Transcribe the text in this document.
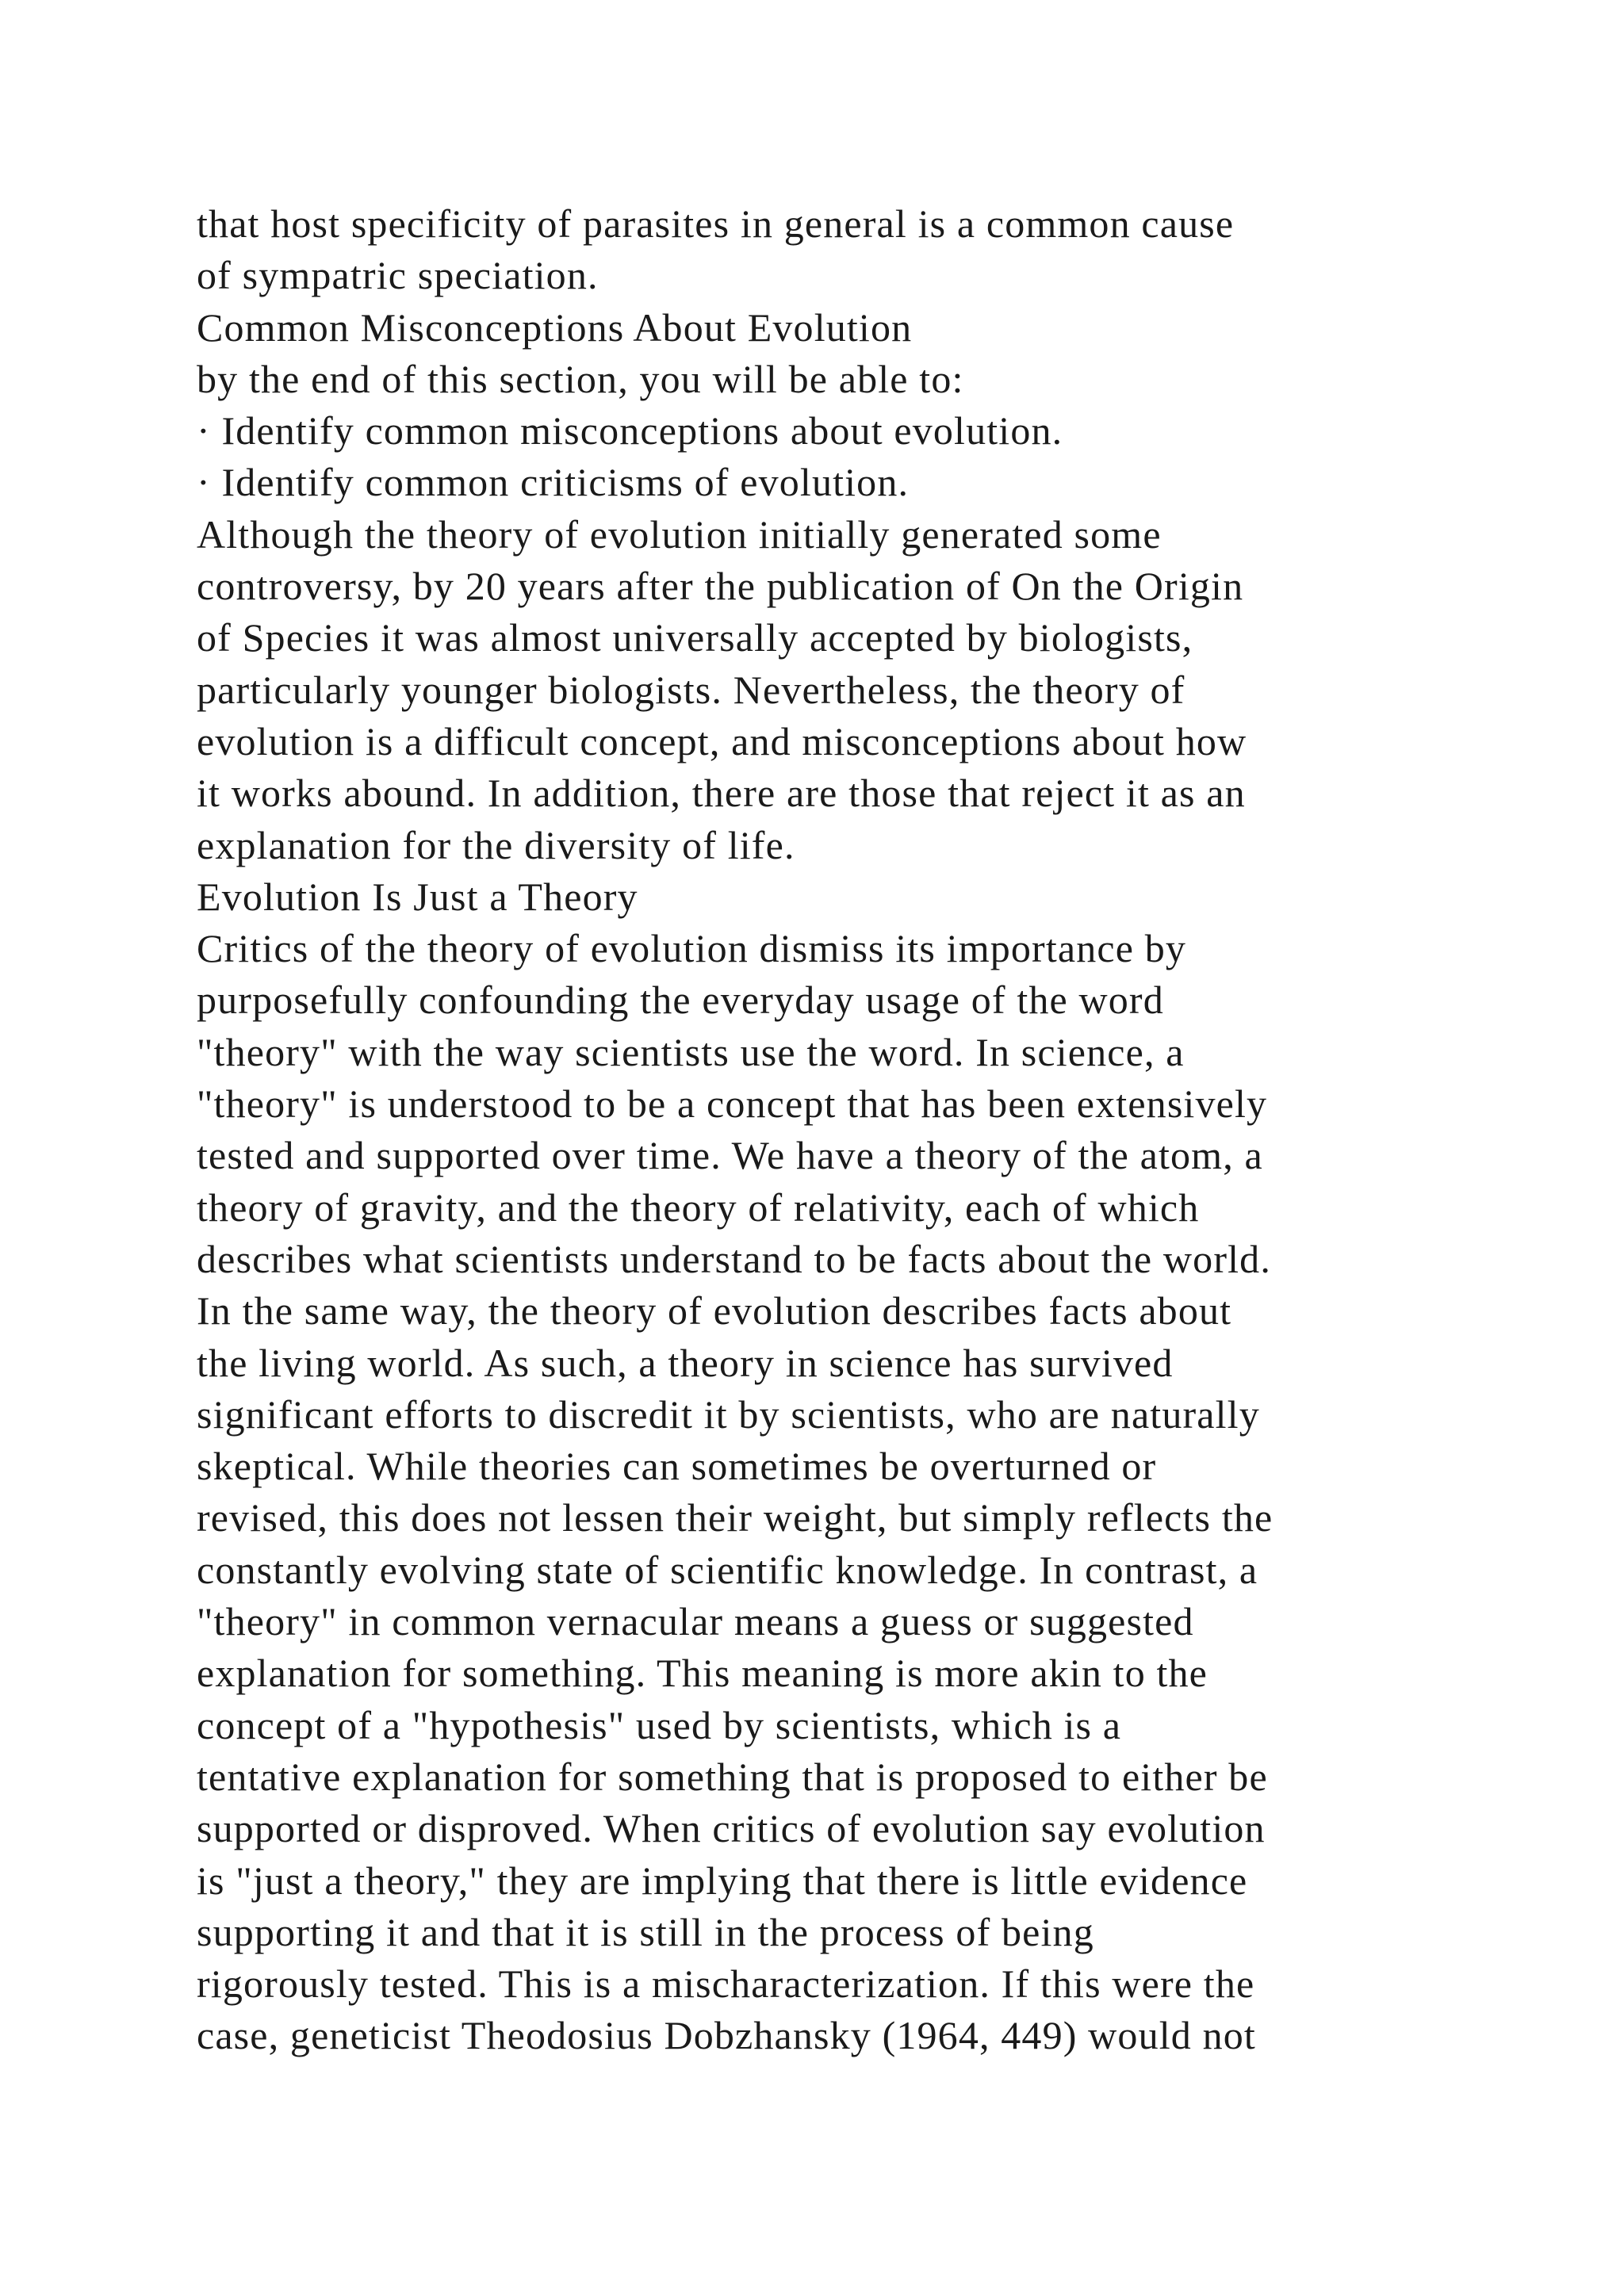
that host specificity of parasites in general is a common cause
of sympatric speciation.
Common Misconceptions About Evolution
by the end of this section, you will be able to:
· Identify common misconceptions about evolution.
· Identify common criticisms of evolution.
Although the theory of evolution initially generated some
controversy, by 20 years after the publication of On the Origin
of Species it was almost universally accepted by biologists,
particularly younger biologists. Nevertheless, the theory of
evolution is a difficult concept, and misconceptions about how
it works abound. In addition, there are those that reject it as an
explanation for the diversity of life.
Evolution Is Just a Theory
Critics of the theory of evolution dismiss its importance by
purposefully confounding the everyday usage of the word
"theory" with the way scientists use the word. In science, a
"theory" is understood to be a concept that has been extensively
tested and supported over time. We have a theory of the atom, a
theory of gravity, and the theory of relativity, each of which
describes what scientists understand to be facts about the world.
In the same way, the theory of evolution describes facts about
the living world. As such, a theory in science has survived
significant efforts to discredit it by scientists, who are naturally
skeptical. While theories can sometimes be overturned or
revised, this does not lessen their weight, but simply reflects the
constantly evolving state of scientific knowledge. In contrast, a
"theory" in common vernacular means a guess or suggested
explanation for something. This meaning is more akin to the
concept of a "hypothesis" used by scientists, which is a
tentative explanation for something that is proposed to either be
supported or disproved. When critics of evolution say evolution
is "just a theory," they are implying that there is little evidence
supporting it and that it is still in the process of being
rigorously tested. This is a mischaracterization. If this were the
case, geneticist Theodosius Dobzhansky (1964, 449) would not
